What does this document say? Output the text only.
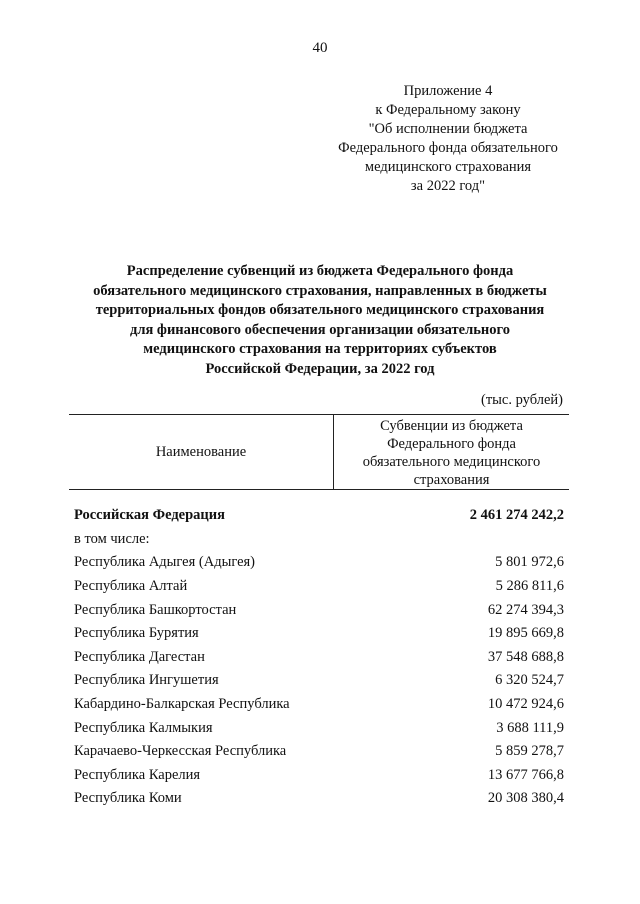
40
Приложение 4
к Федеральному закону
"Об исполнении бюджета
Федерального фонда обязательного
медицинского страхования
за 2022 год"
Распределение субвенций из бюджета Федерального фонда
обязательного медицинского страхования, направленных в бюджеты
территориальных фондов обязательного медицинского страхования
для финансового обеспечения организации обязательного
медицинского страхования на территориях субъектов
Российской Федерации, за 2022 год
(тыс. рублей)
Наименование
Субвенции из бюджета
Федерального фонда
обязательного медицинского
страхования
Российская Федерация	2 461 274 242,2
в том числе:
Республика Адыгея (Адыгея)	5 801 972,6
Республика Алтай	5 286 811,6
Республика Башкортостан	62 274 394,3
Республика Бурятия	19 895 669,8
Республика Дагестан	37 548 688,8
Республика Ингушетия	6 320 524,7
Кабардино-Балкарская Республика	10 472 924,6
Республика Калмыкия	3 688 111,9
Карачаево-Черкесская Республика	5 859 278,7
Республика Карелия	13 677 766,8
Республика Коми	20 308 380,4
